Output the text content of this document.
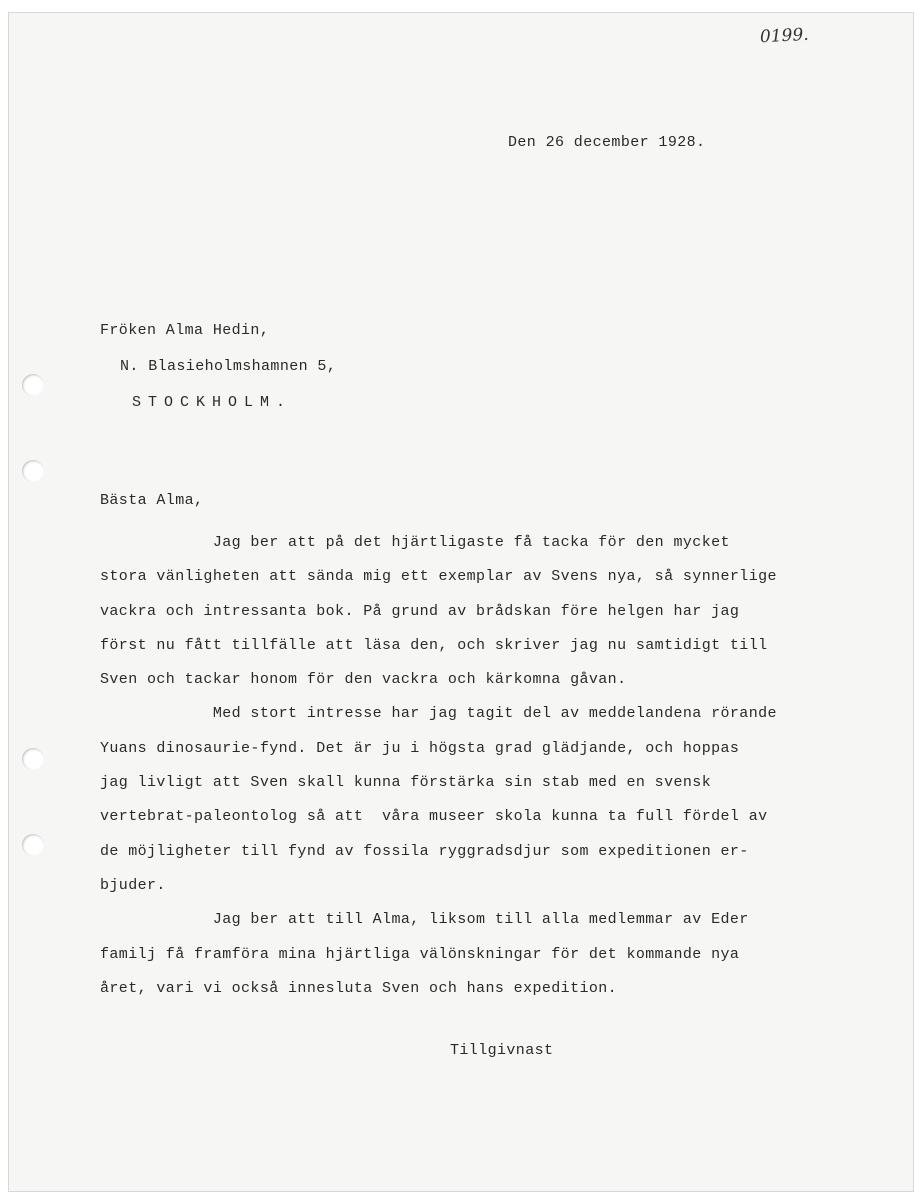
0199.
Den 26 december 1928.
Fröken Alma Hedin,
N. Blasieholmshamnen 5,
STOCKHOLM.
Bästa Alma,
Jag ber att på det hjärtligaste få tacka för den mycket
stora vänligheten att sända mig ett exemplar av Svens nya, så synnerlige
vackra och intressanta bok. På grund av brådskan före helgen har jag
först nu fått tillfälle att läsa den, och skriver jag nu samtidigt till
Sven och tackar honom för den vackra och kärkomna gåvan.
Med stort intresse har jag tagit del av meddelandena rörande
Yuans dinosaurie-fynd. Det är ju i högsta grad glädjande, och hoppas
jag livligt att Sven skall kunna förstärka sin stab med en svensk
vertebrat-paleontolog så att  våra museer skola kunna ta full fördel av
de möjligheter till fynd av fossila ryggradsdjur som expeditionen er-
bjuder.
Jag ber att till Alma, liksom till alla medlemmar av Eder
familj få framföra mina hjärtliga välönskningar för det kommande nya
året, vari vi också innesluta Sven och hans expedition.
Tillgivnast
